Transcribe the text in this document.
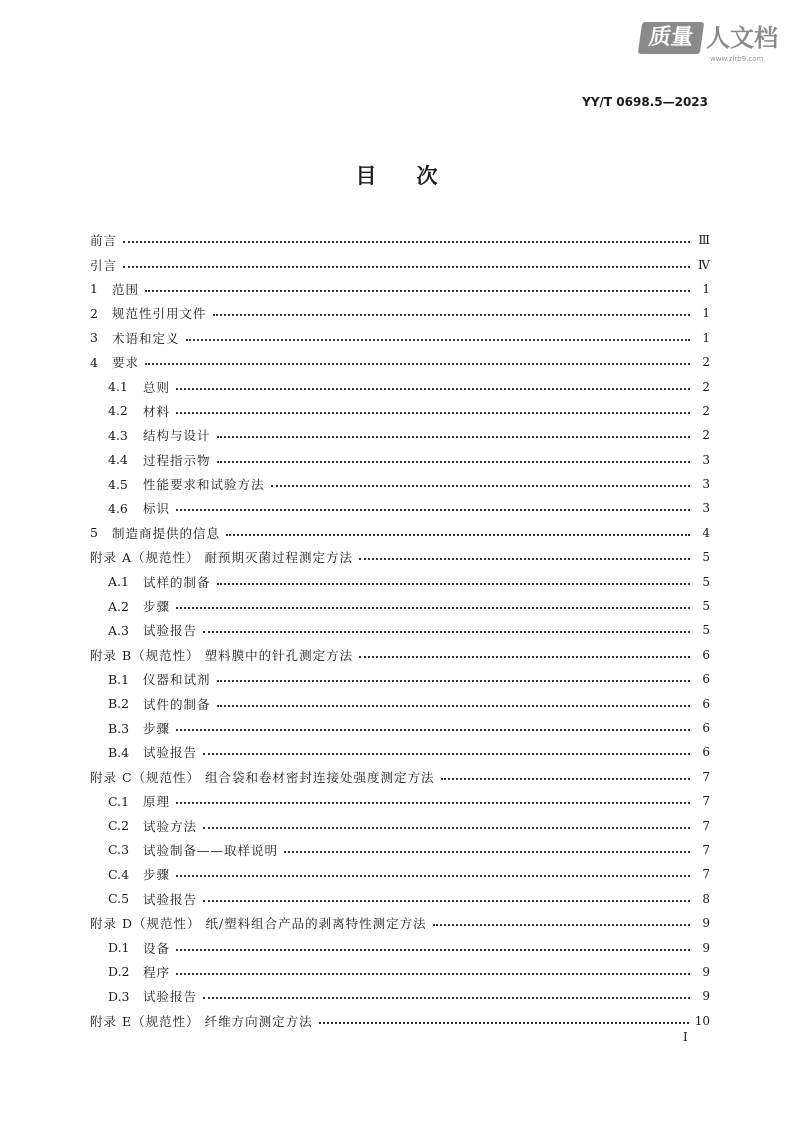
质量 人文档
www.zlrb9.com
YY/T 0698.5—2023
目次
前言	Ⅲ
引言	Ⅳ
1	范围	1
2	规范性引用文件	1
3	术语和定义	1
4	要求	2
4.1	总则	2
4.2	材料	2
4.3	结构与设计	2
4.4	过程指示物	3
4.5	性能要求和试验方法	3
4.6	标识	3
5	制造商提供的信息	4
附录 A（规范性） 耐预期灭菌过程测定方法	5
A.1	试样的制备	5
A.2	步骤	5
A.3	试验报告	5
附录 B（规范性） 塑料膜中的针孔测定方法	6
B.1	仪器和试剂	6
B.2	试件的制备	6
B.3	步骤	6
B.4	试验报告	6
附录 C（规范性） 组合袋和卷材密封连接处强度测定方法	7
C.1	原理	7
C.2	试验方法	7
C.3	试验制备——取样说明	7
C.4	步骤	7
C.5	试验报告	8
附录 D（规范性） 纸/塑料组合产品的剥离特性测定方法	9
D.1	设备	9
D.2	程序	9
D.3	试验报告	9
附录 E（规范性） 纤维方向测定方法	10
I
